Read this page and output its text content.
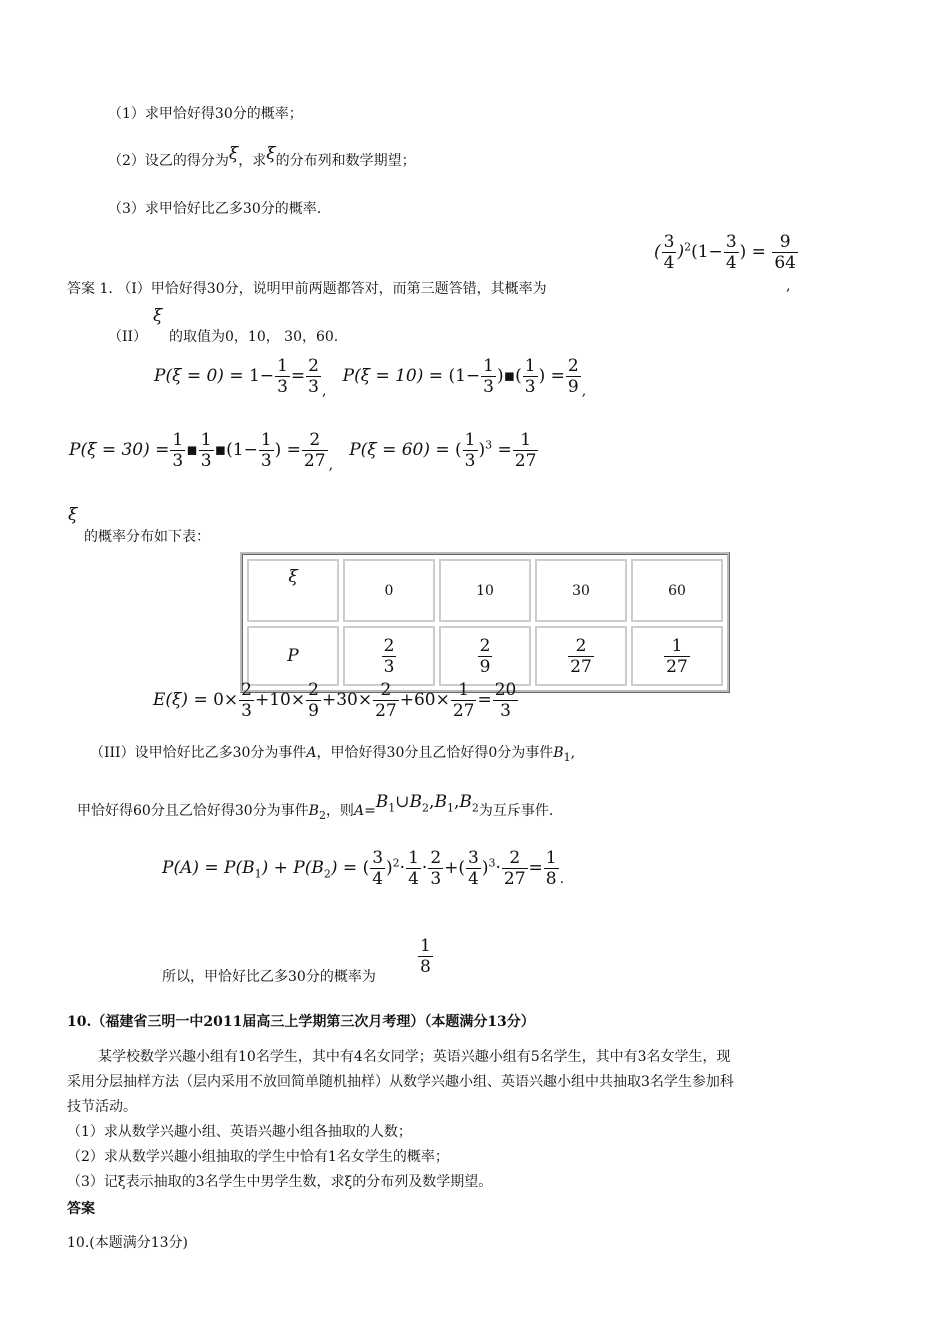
（1）求甲恰好得30分的概率；
（2）设乙的得分为ξ，求ξ的分布列和数学期望；
（3）求甲恰好比乙多30分的概率.
( $\frac{3}{4} )^2(1- \frac{3}{4}$ ) = $\frac{9}{64}$
答案 1. （I）甲恰好得30分，说明甲前两题都答对，而第三题答错，其概率为	,
ξ
（II） 的取值为0，10， 30，60.
$P(\xi = 0) = 1- \frac{1}{3} = \frac{2}{3} _,$   $P(\xi = 10) = (1- \frac{1}{3}$ )▪( $\frac{1}{3}$ ) = $\frac{2}{9} _,$
$P(\xi = 30) = \frac{1}{3}$ ▪ $\frac{1}{3}$ ▪(1− $\frac{1}{3}$ ) = $\frac{2}{27} _,$   P(ξ = 60) = ( $\frac{1}{3} )^3 = \frac{1}{27}$
ξ
的概率分布如下表：
ξ	0	10	30	60
P	$\frac{2}{3}$	$\frac{2}{9}$	$\frac{2}{27}$	$\frac{1}{27}$
$E(\xi) = 0\times \frac{2}{3} +10\times \frac{2}{9} +30\times \frac{2}{27} +60\times \frac{1}{27} = \frac{20}{3}$
（III）设甲恰好比乙多30分为事件A，甲恰好得30分且乙恰好得0分为事件$B_1$,
甲恰好得60分且乙恰好得30分为事件$B_2$，则$A=B_1\cup B_2,B_1,B_2$为互斥事件.
$P(A) = P(B_1) + P(B_2)$ = ( $\frac{3}{4} )^2\cdot \frac{1}{4} \cdot \frac{2}{3}$ +( $\frac{3}{4} )^3\cdot \frac{2}{27} = \frac{1}{8} _.$
所以，甲恰好比乙多30分的概率为 $\frac{1}{8}$
10.（福建省三明一中2011届高三上学期第三次月考理）（本题满分13分）
某学校数学兴趣小组有10名学生，其中有4名女同学；英语兴趣小组有5名学生，其中有3名女学生，现
采用分层抽样方法（层内采用不放回简单随机抽样）从数学兴趣小组、英语兴趣小组中共抽取3名学生参加科
技节活动。
（1）求从数学兴趣小组、英语兴趣小组各抽取的人数；
（2）求从数学兴趣小组抽取的学生中恰有1名女学生的概率；
（3）记ξ表示抽取的3名学生中男学生数，求ξ的分布列及数学期望。
答案
10.(本题满分13分)
